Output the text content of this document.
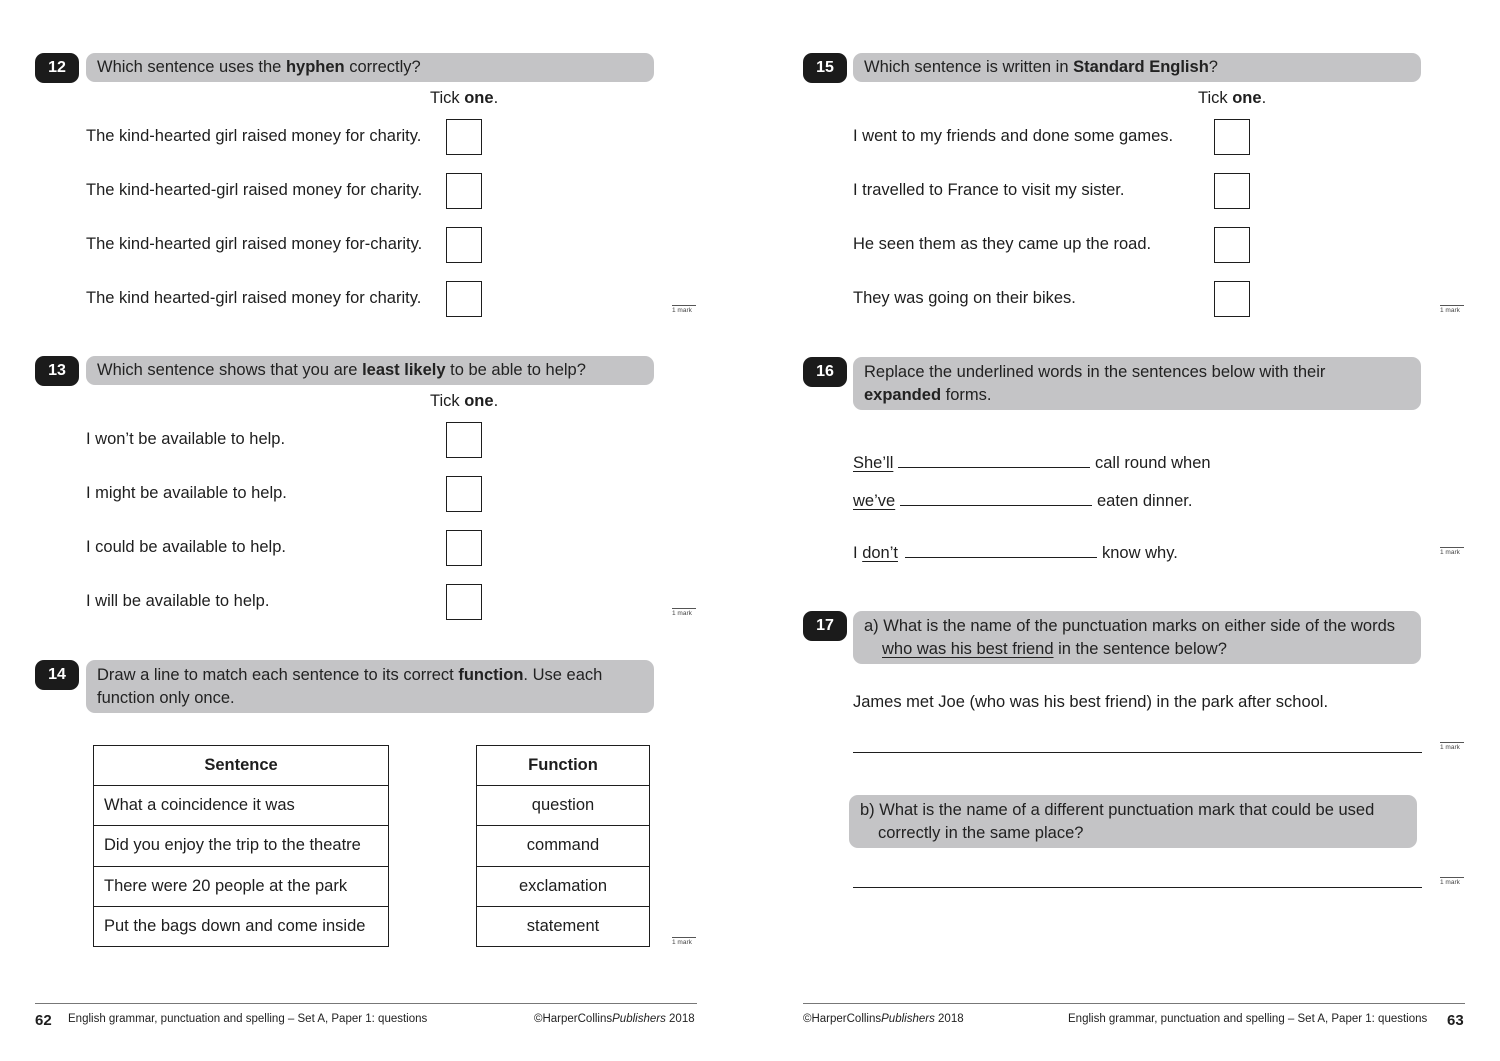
12	Which sentence uses the hyphen correctly?
Tick one.
The kind-hearted girl raised money for charity.
The kind-hearted-girl raised money for charity.
The kind-hearted girl raised money for-charity.
The kind hearted-girl raised money for charity.
1 mark
13	Which sentence shows that you are least likely to be able to help?
Tick one.
I won’t be available to help.
I might be available to help.
I could be available to help.
I will be available to help.
1 mark
14	Draw a line to match each sentence to its correct function. Use each
function only once.
Sentence
What a coincidence it was
Did you enjoy the trip to the theatre
There were 20 people at the park
Put the bags down and come inside
Function
question
command
exclamation
statement
1 mark
62 English grammar, punctuation and spelling – Set A, Paper 1: questions	©HarperCollinsPublishers 2018
15	Which sentence is written in Standard English?
Tick one.
I went to my friends and done some games.
I travelled to France to visit my sister.
He seen them as they came up the road.
They was going on their bikes.
1 mark
16	Replace the underlined words in the sentences below with their
expanded forms.
She’ll	call round when
we’ve	eaten dinner.
I don’t	know why.	1 mark
17	a) What is the name of the punctuation marks on either side of the words
who was his best friend in the sentence below?
James met Joe (who was his best friend) in the park after school.
1 mark
b) What is the name of a different punctuation mark that could be used
correctly in the same place?
1 mark
©HarperCollinsPublishers 2018	English grammar, punctuation and spelling – Set A, Paper 1: questions 63
